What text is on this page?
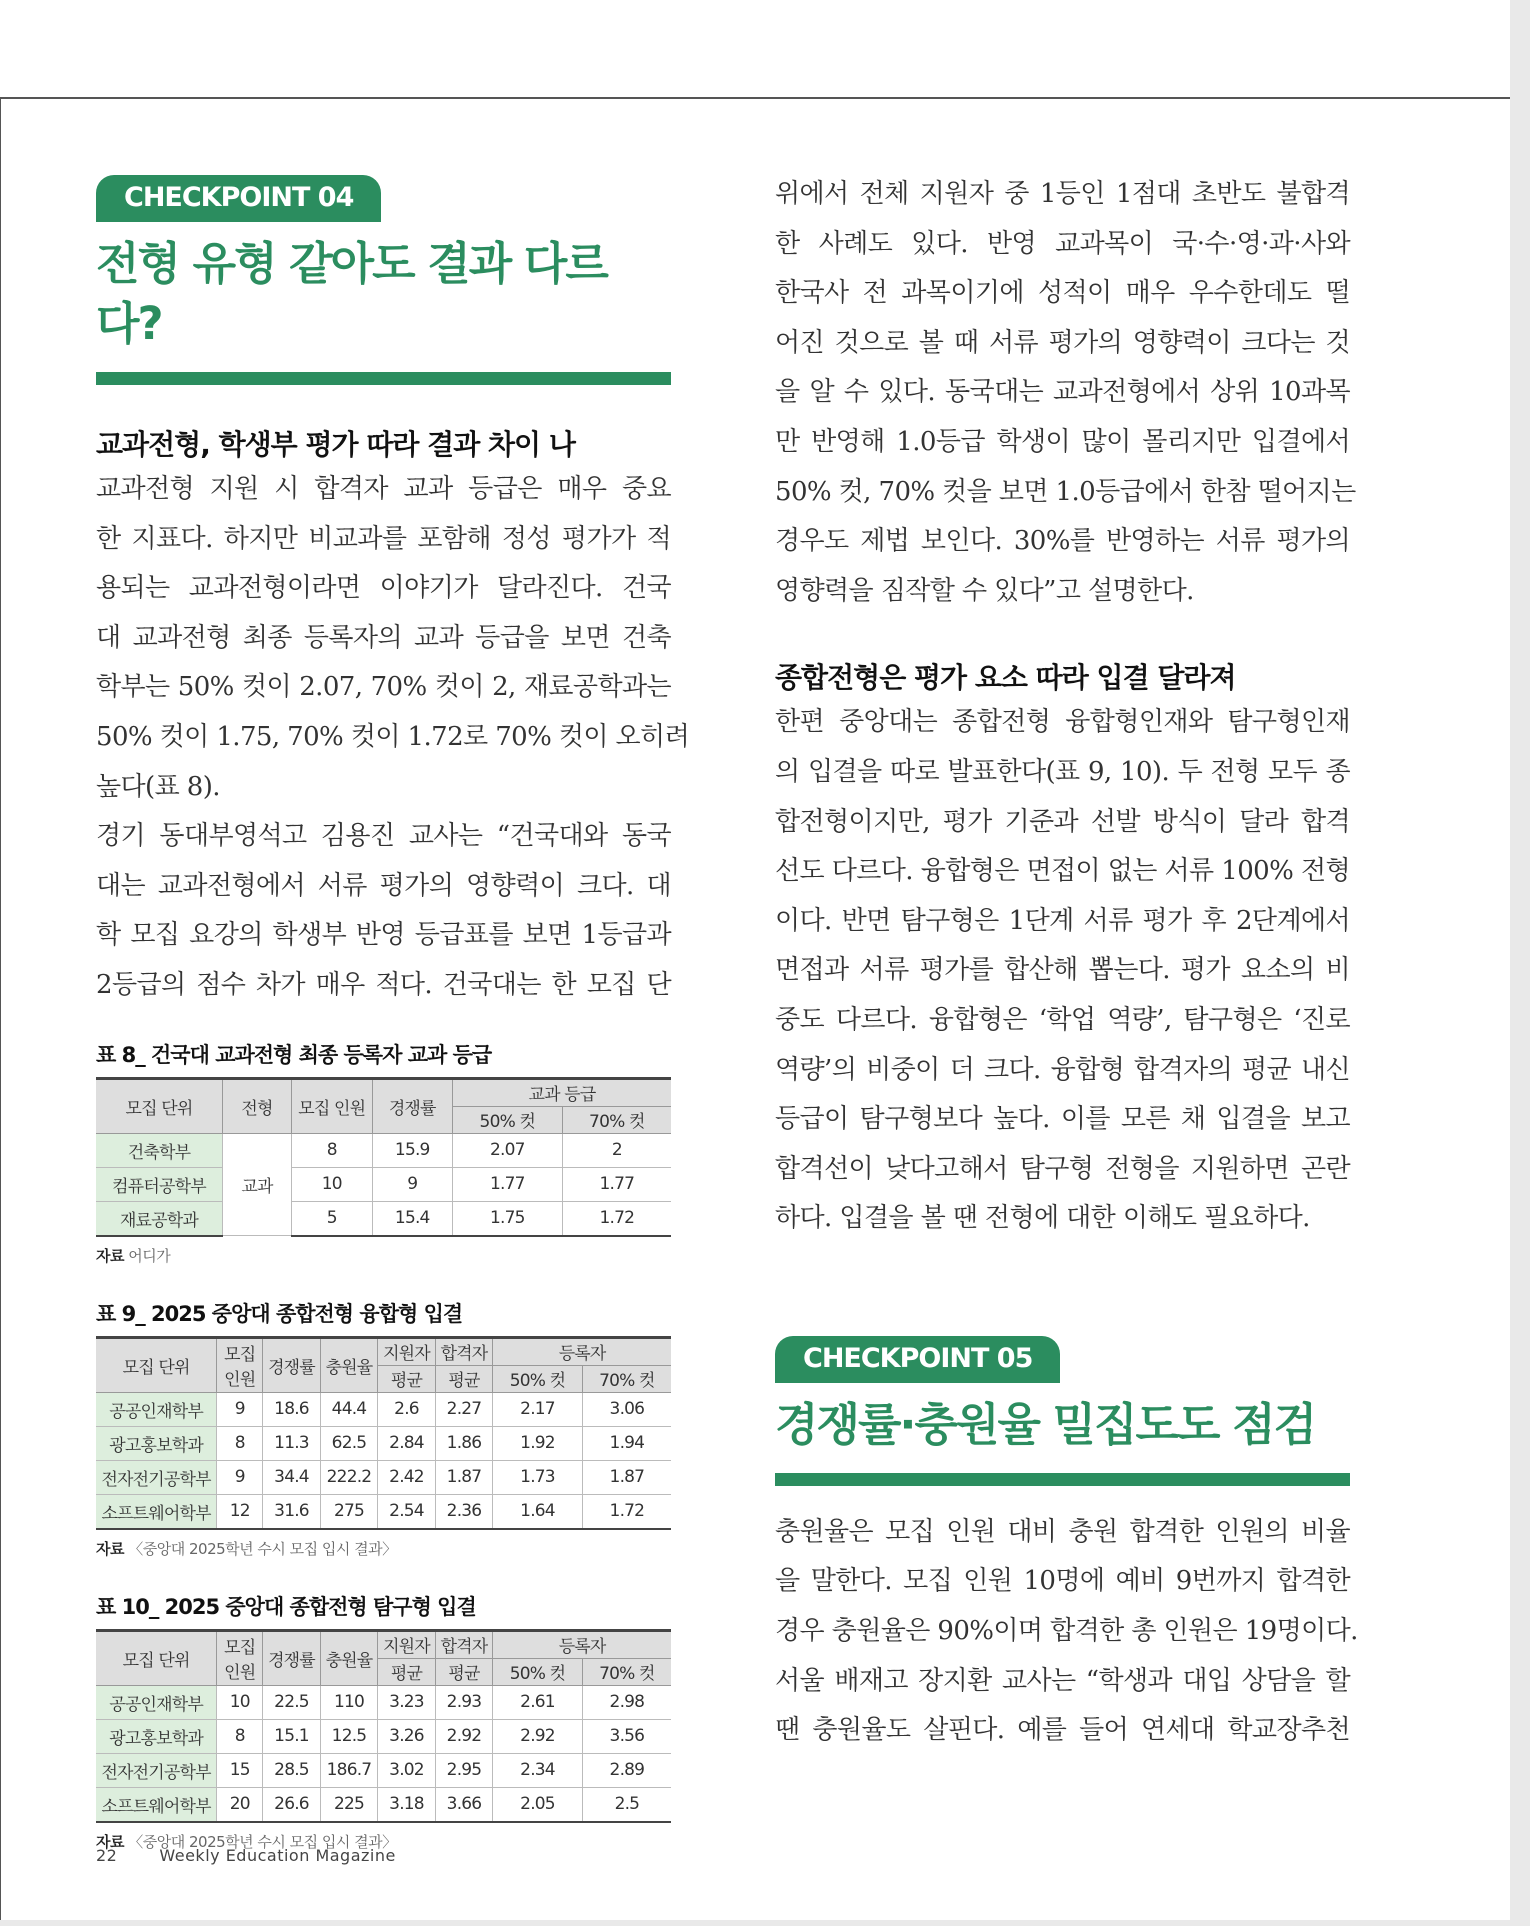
CHECKPOINT 04
전형 유형 같아도 결과 다르다?
교과전형, 학생부 평가 따라 결과 차이 나

교과전형 지원 시 합격자 교과 등급은 매우 중요
한 지표다. 하지만 비교과를 포함해 정성 평가가 적
용되는 교과전형이라면 이야기가 달라진다. 건국
대 교과전형 최종 등록자의 교과 등급을 보면 건축
학부는 50% 컷이 2.07, 70% 컷이 2, 재료공학과는
50% 컷이 1.75, 70% 컷이 1.72로 70% 컷이 오히려
높다(표 8).
경기 동대부영석고 김용진 교사는 “건국대와 동국
대는 교과전형에서 서류 평가의 영향력이 크다. 대
학 모집 요강의 학생부 반영 등급표를 보면 1등급과
2등급의 점수 차가 매우 적다. 건국대는 한 모집 단

표 8_ 건국대 교과전형 최종 등록자 교과 등급
모집 단위	전형	모집 인원	경쟁률	교과 등급	
				50% 컷	70% 컷
건축학부	교과	8	15.9	2.07	2
컴퓨터공학부		10	9	1.77	1.77
재료공학과		5	15.4	1.75	1.72
자료 어디가
표 9_ 2025 중앙대 종합전형 융합형 입결
모집 단위	모집
인원	경쟁률	충원율	지원자	합격자	등록자	
				평균	평균	50% 컷	70% 컷
공공인재학부	9	18.6	44.4	2.6	2.27	2.17	3.06
광고홍보학과	8	11.3	62.5	2.84	1.86	1.92	1.94
전자전기공학부	9	34.4	222.2	2.42	1.87	1.73	1.87
소프트웨어학부	12	31.6	275	2.54	2.36	1.64	1.72
자료 〈중앙대 2025학년 수시 모집 입시 결과〉
표 10_ 2025 중앙대 종합전형 탐구형 입결
모집 단위	모집
인원	경쟁률	충원율	지원자	합격자	등록자	
				평균	평균	50% 컷	70% 컷
공공인재학부	10	22.5	110	3.23	2.93	2.61	2.98
광고홍보학과	8	15.1	12.5	3.26	2.92	2.92	3.56
전자전기공학부	15	28.5	186.7	3.02	2.95	2.34	2.89
소프트웨어학부	20	26.6	225	3.18	3.66	2.05	2.5
자료 〈중앙대 2025학년 수시 모집 입시 결과〉

위에서 전체 지원자 중 1등인 1점대 초반도 불합격
한 사례도 있다. 반영 교과목이 국·수·영·과·사와
한국사 전 과목이기에 성적이 매우 우수한데도 떨
어진 것으로 볼 때 서류 평가의 영향력이 크다는 것
을 알 수 있다. 동국대는 교과전형에서 상위 10과목
만 반영해 1.0등급 학생이 많이 몰리지만 입결에서
50% 컷, 70% 컷을 보면 1.0등급에서 한참 떨어지는
경우도 제법 보인다. 30%를 반영하는 서류 평가의
영향력을 짐작할 수 있다”고 설명한다.

종합전형은 평가 요소 따라 입결 달라져

한편 중앙대는 종합전형 융합형인재와 탐구형인재
의 입결을 따로 발표한다(표 9, 10). 두 전형 모두 종
합전형이지만, 평가 기준과 선발 방식이 달라 합격
선도 다르다. 융합형은 면접이 없는 서류 100% 전형
이다. 반면 탐구형은 1단계 서류 평가 후 2단계에서
면접과 서류 평가를 합산해 뽑는다. 평가 요소의 비
중도 다르다. 융합형은 ‘학업 역량’, 탐구형은 ‘진로
역량’의 비중이 더 크다. 융합형 합격자의 평균 내신
등급이 탐구형보다 높다. 이를 모른 채 입결을 보고
합격선이 낮다고해서 탐구형 전형을 지원하면 곤란
하다. 입결을 볼 땐 전형에 대한 이해도 필요하다.

CHECKPOINT 05
경쟁률·충원율 밀집도도 점검

충원율은 모집 인원 대비 충원 합격한 인원의 비율
을 말한다. 모집 인원 10명에 예비 9번까지 합격한
경우 충원율은 90%이며 합격한 총 인원은 19명이다.
서울 배재고 장지환 교사는 “학생과 대입 상담을 할
땐 충원율도 살핀다. 예를 들어 연세대 학교장추천

22	Weekly Education Magazine
